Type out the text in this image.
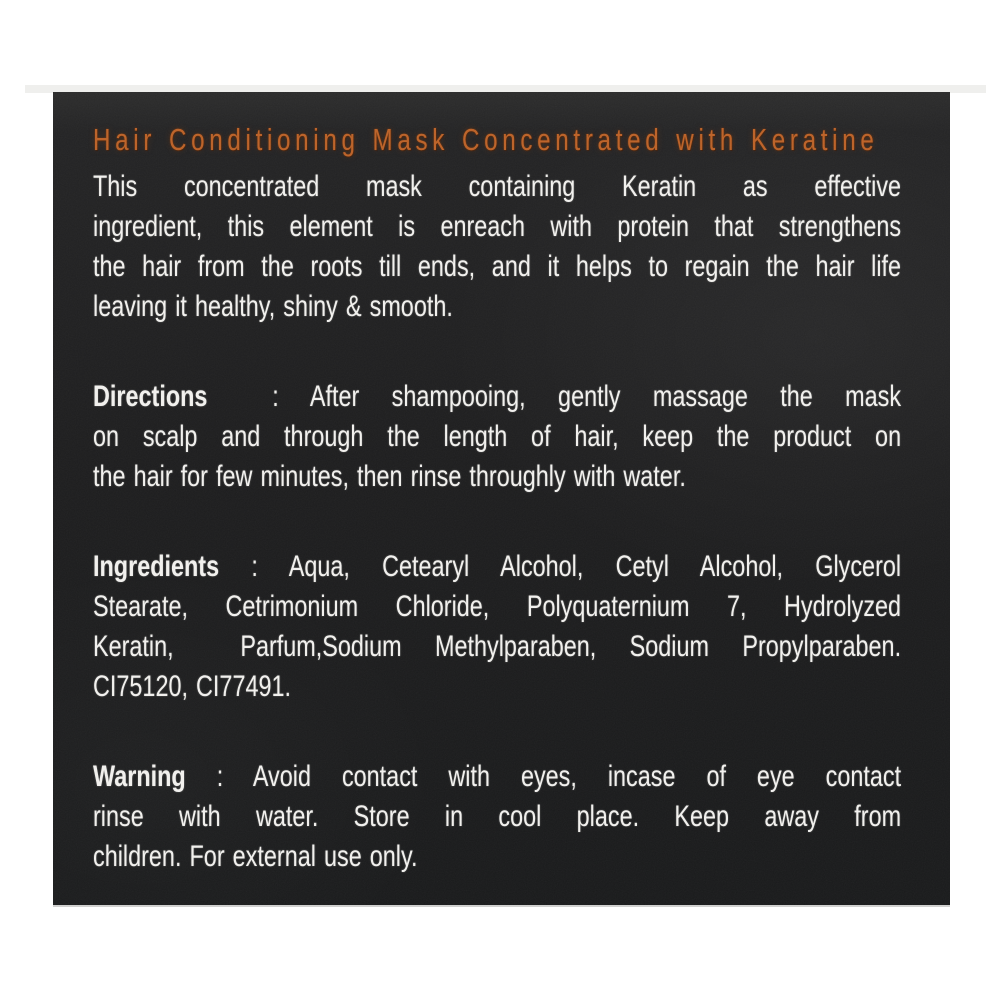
Hair Conditioning Mask Concentrated with Keratine

This concentrated mask containing Keratin as effective
ingredient, this element is enreach with protein that strengthens
the hair from the roots till ends, and it helps to regain the hair life
leaving it healthy, shiny & smooth.

Directions  : After shampooing, gently massage the mask
on scalp and through the length of hair, keep the product on
the hair for few minutes, then rinse throughly with water.

Ingredients : Aqua, Cetearyl Alcohol, Cetyl Alcohol, Glycerol
Stearate, Cetrimonium Chloride, Polyquaternium 7, Hydrolyzed
Keratin,  Parfum,Sodium Methylparaben, Sodium Propylparaben.
CI75120, CI77491.

Warning : Avoid contact with eyes, incase of eye contact
rinse with water. Store in cool place. Keep away from
children. For external use only.
